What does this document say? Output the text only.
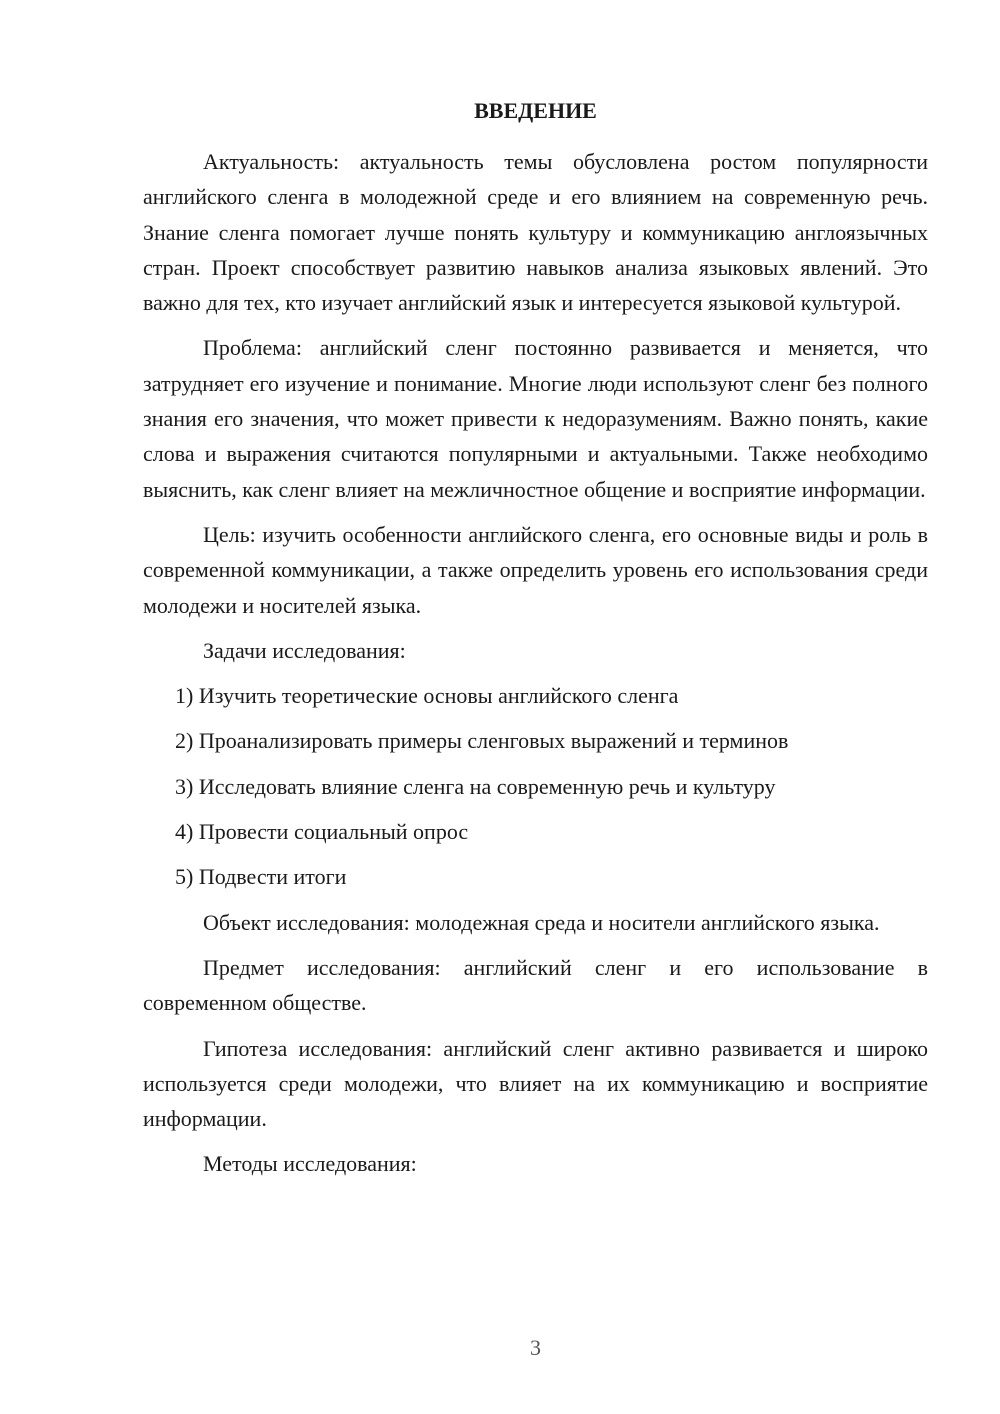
ВВЕДЕНИЕ

Актуальность: актуальность темы обусловлена ростом популярности английского сленга в молодежной среде и его влиянием на современную речь. Знание сленга помогает лучше понять культуру и коммуникацию англоязычных стран. Проект способствует развитию навыков анализа языковых явлений. Это важно для тех, кто изучает английский язык и интересуется языковой культурой.

Проблема: английский сленг постоянно развивается и меняется, что затрудняет его изучение и понимание. Многие люди используют сленг без полного знания его значения, что может привести к недоразумениям. Важно понять, какие слова и выражения считаются популярными и актуальными. Также необходимо выяснить, как сленг влияет на межличностное общение и восприятие информации.

Цель: изучить особенности английского сленга, его основные виды и роль в современной коммуникации, а также определить уровень его использования среди молодежи и носителей языка.

Задачи исследования:

1) Изучить теоретические основы английского сленга

2) Проанализировать примеры сленговых выражений и терминов

3) Исследовать влияние сленга на современную речь и культуру

4) Провести социальный опрос

5) Подвести итоги

Объект исследования: молодежная среда и носители английского языка.

Предмет исследования: английский сленг и его использование в современном обществе.

Гипотеза исследования: английский сленг активно развивается и широко используется среди молодежи, что влияет на их коммуникацию и восприятие информации.

Методы исследования:

3
